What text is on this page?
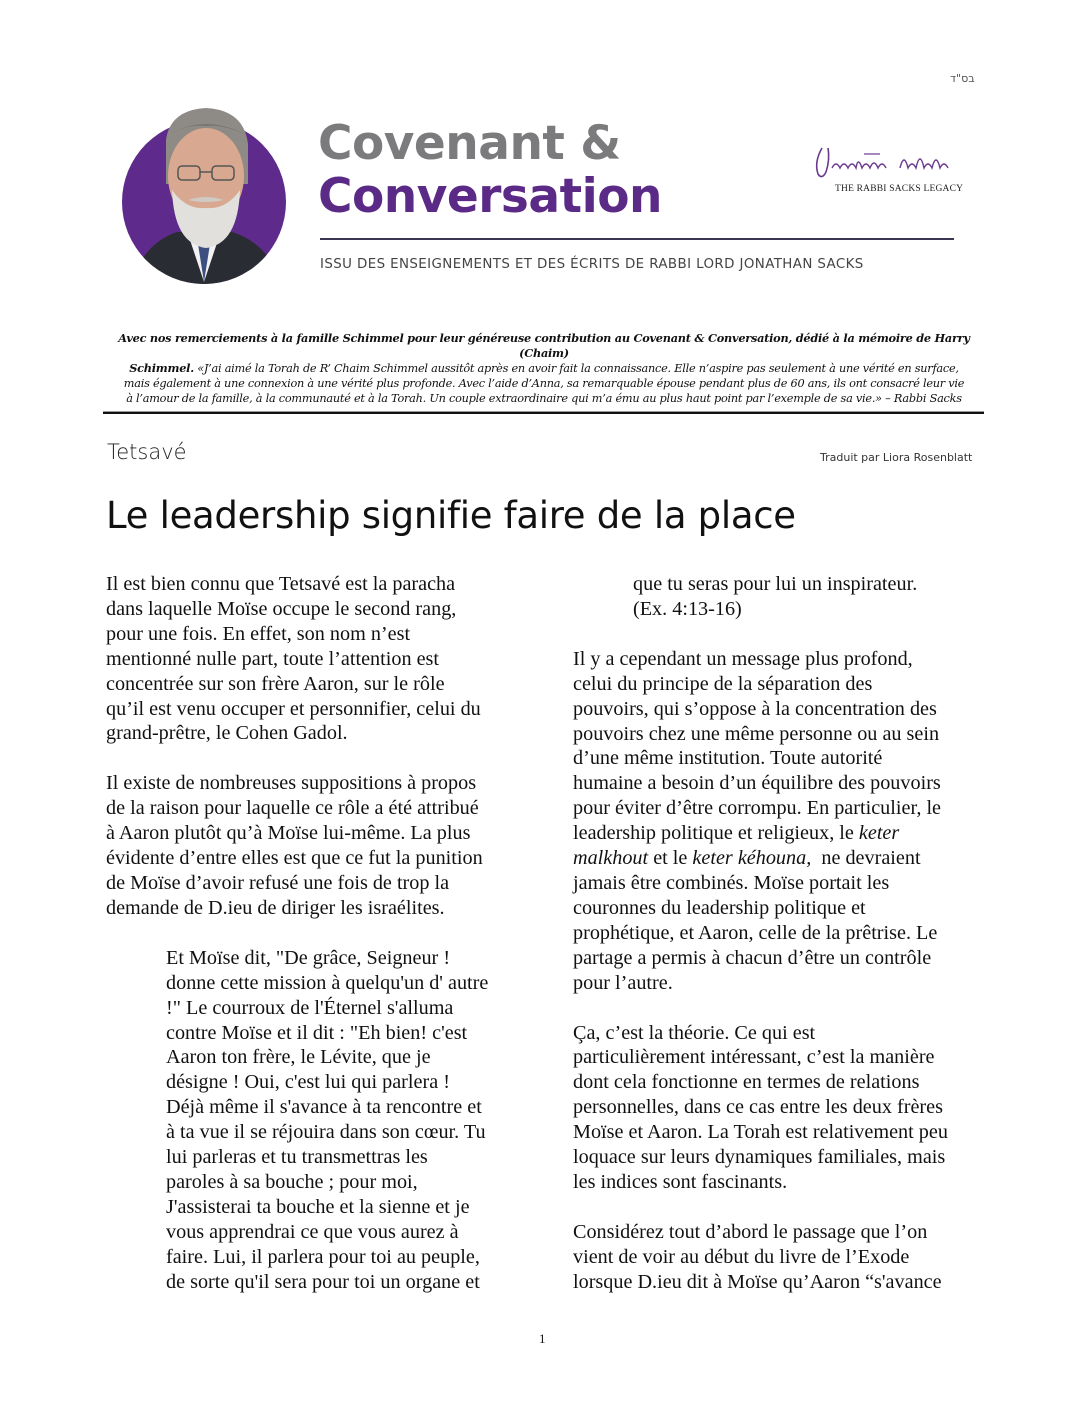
בס"ד
Covenant &
Conversation	THE RABBI SACKS LEGACY
ISSU DES ENSEIGNEMENTS ET DES ÉCRITS DE RABBI LORD JONATHAN SACKS
Avec nos remerciements à la famille Schimmel pour leur généreuse contribution au Covenant & Conversation, dédié à la mémoire de Harry (Chaim)
Schimmel. «J’ai aimé la Torah de R’ Chaim Schimmel aussitôt après en avoir fait la connaissance. Elle n’aspire pas seulement à une vérité en surface,
mais également à une connexion à une vérité plus profonde. Avec l’aide d’Anna, sa remarquable épouse pendant plus de 60 ans, ils ont consacré leur vie
à l’amour de la famille, à la communauté et à la Torah. Un couple extraordinaire qui m’a ému au plus haut point par l’exemple de sa vie.» – Rabbi Sacks
Tetsavé	Traduit par Liora Rosenblatt
Le leadership signifie faire de la place

Il est bien connu que Tetsavé est la paracha

dans laquelle Moïse occupe le second rang,

pour une fois. En effet, son nom n’est

mentionné nulle part, toute l’attention est

concentrée sur son frère Aaron, sur le rôle

qu’il est venu occuper et personnifier, celui du

grand-prêtre, le Cohen Gadol.

Il existe de nombreuses suppositions à propos

de la raison pour laquelle ce rôle a été attribué

à Aaron plutôt qu’à Moïse lui-même. La plus

évidente d’entre elles est que ce fut la punition

de Moïse d’avoir refusé une fois de trop la

demande de D.ieu de diriger les israélites.

Et Moïse dit, "De grâce, Seigneur !

donne cette mission à quelqu'un d' autre

!" Le courroux de l'Éternel s'alluma

contre Moïse et il dit : "Eh bien! c'est

Aaron ton frère, le Lévite, que je

désigne ! Oui, c'est lui qui parlera !

Déjà même il s'avance à ta rencontre et

à ta vue il se réjouira dans son cœur. Tu

lui parleras et tu transmettras les

paroles à sa bouche ; pour moi,

J'assisterai ta bouche et la sienne et je

vous apprendrai ce que vous aurez à

faire. Lui, il parlera pour toi au peuple,

de sorte qu'il sera pour toi un organe et

que tu seras pour lui un inspirateur.

(Ex. 4:13-16)

Il y a cependant un message plus profond,

celui du principe de la séparation des

pouvoirs, qui s’oppose à la concentration des

pouvoirs chez une même personne ou au sein

d’une même institution. Toute autorité

humaine a besoin d’un équilibre des pouvoirs

pour éviter d’être corrompu. En particulier, le

leadership politique et religieux, le keter

malkhout et le keter kéhouna,  ne devraient

jamais être combinés. Moïse portait les

couronnes du leadership politique et

prophétique, et Aaron, celle de la prêtrise. Le

partage a permis à chacun d’être un contrôle

pour l’autre.

Ça, c’est la théorie. Ce qui est

particulièrement intéressant, c’est la manière

dont cela fonctionne en termes de relations

personnelles, dans ce cas entre les deux frères

Moïse et Aaron. La Torah est relativement peu

loquace sur leurs dynamiques familiales, mais

les indices sont fascinants.

Considérez tout d’abord le passage que l’on

vient de voir au début du livre de l’Exode

lorsque D.ieu dit à Moïse qu’Aaron “s'avance

1
